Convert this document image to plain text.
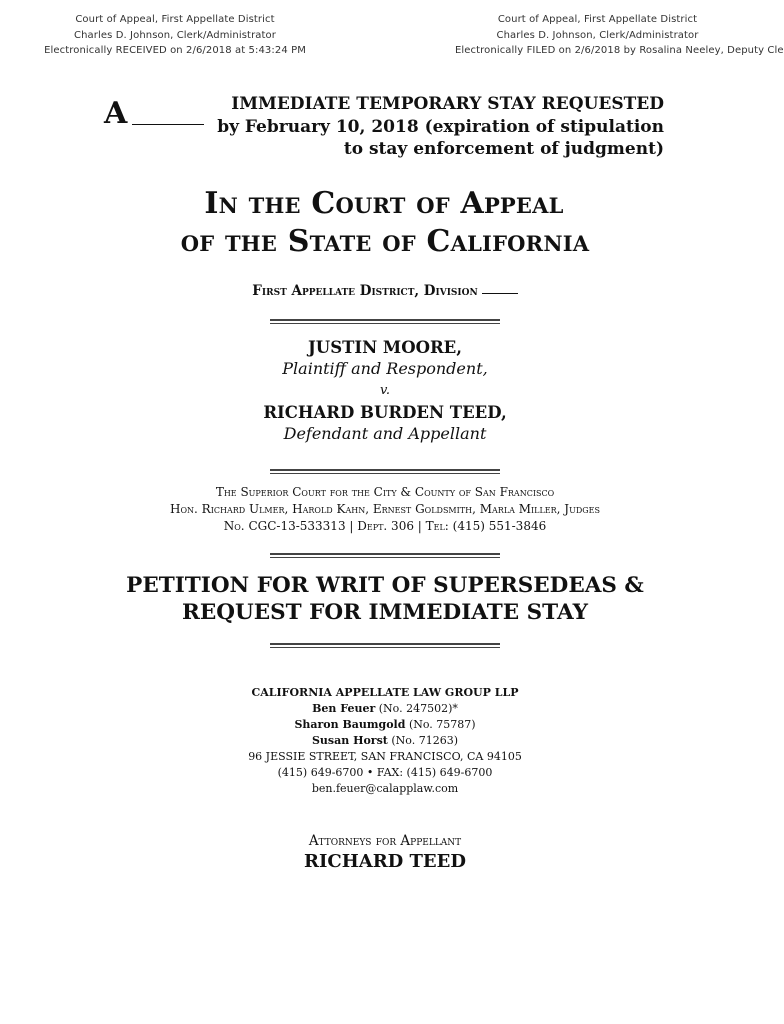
Court of Appeal, First Appellate District
Charles D. Johnson, Clerk/Administrator
Electronically RECEIVED on 2/6/2018 at 5:43:24 PM
Court of Appeal, First Appellate District
Charles D. Johnson, Clerk/Administrator
Electronically FILED on 2/6/2018 by Rosalina Neeley, Deputy Cle
A	IMMEDIATE TEMPORARY STAY REQUESTED
by February 10, 2018 (expiration of stipulation
to stay enforcement of judgment)
In the Court of Appeal
of the State of California
First Appellate District, Division
JUSTIN MOORE,
Plaintiff and Respondent,
v.
RICHARD BURDEN TEED,
Defendant and Appellant
The Superior Court for the City & County of San Francisco
Hon. Richard Ulmer, Harold Kahn, Ernest Goldsmith, Marla Miller, Judges
No. CGC-13-533313 | Dept. 306 | Tel: (415) 551-3846
PETITION FOR WRIT OF SUPERSEDEAS &
REQUEST FOR IMMEDIATE STAY
CALIFORNIA APPELLATE LAW GROUP LLP
Ben Feuer (No. 247502)*
Sharon Baumgold (No. 75787)
Susan Horst (No. 71263)
96 JESSIE STREET, SAN FRANCISCO, CA 94105
(415) 649-6700 • FAX: (415) 649-6700
ben.feuer@calapplaw.com
Attorneys for Appellant
RICHARD TEED
